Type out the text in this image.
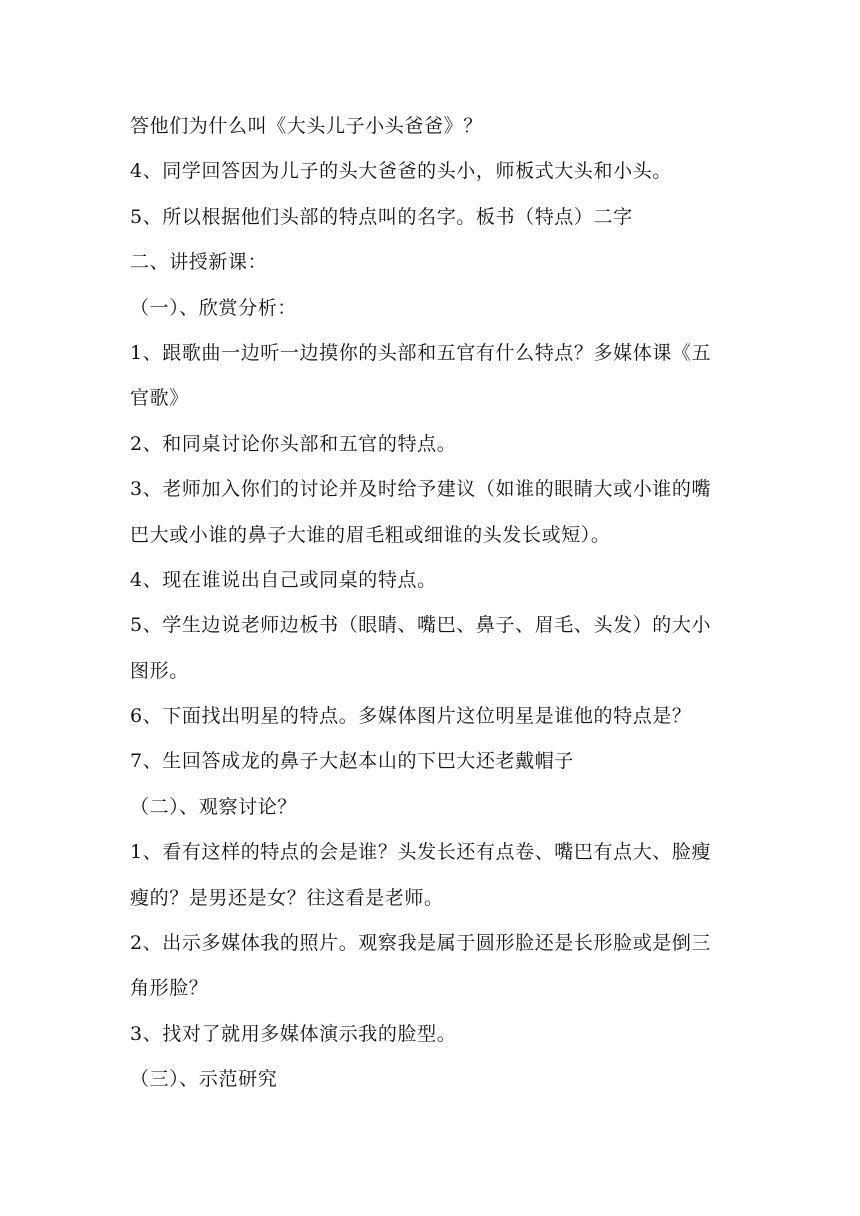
答他们为什么叫《大头儿子小头爸爸》？
4、同学回答因为儿子的头大爸爸的头小，师板式大头和小头。
5、所以根据他们头部的特点叫的名字。板书（特点）二字
二、讲授新课：
（一）、欣赏分析：
1、跟歌曲一边听一边摸你的头部和五官有什么特点？多媒体课《五
官歌》
2、和同桌讨论你头部和五官的特点。
3、老师加入你们的讨论并及时给予建议（如谁的眼睛大或小谁的嘴
巴大或小谁的鼻子大谁的眉毛粗或细谁的头发长或短）。
4、现在谁说出自己或同桌的特点。
5、学生边说老师边板书（眼睛、嘴巴、鼻子、眉毛、头发）的大小
图形。
6、下面找出明星的特点。多媒体图片这位明星是谁他的特点是？
7、生回答成龙的鼻子大赵本山的下巴大还老戴帽子
（二）、观察讨论？
1、看有这样的特点的会是谁？头发长还有点卷、嘴巴有点大、脸瘦
瘦的？是男还是女？往这看是老师。
2、出示多媒体我的照片。观察我是属于圆形脸还是长形脸或是倒三
角形脸？
3、找对了就用多媒体演示我的脸型。
（三）、示范研究
